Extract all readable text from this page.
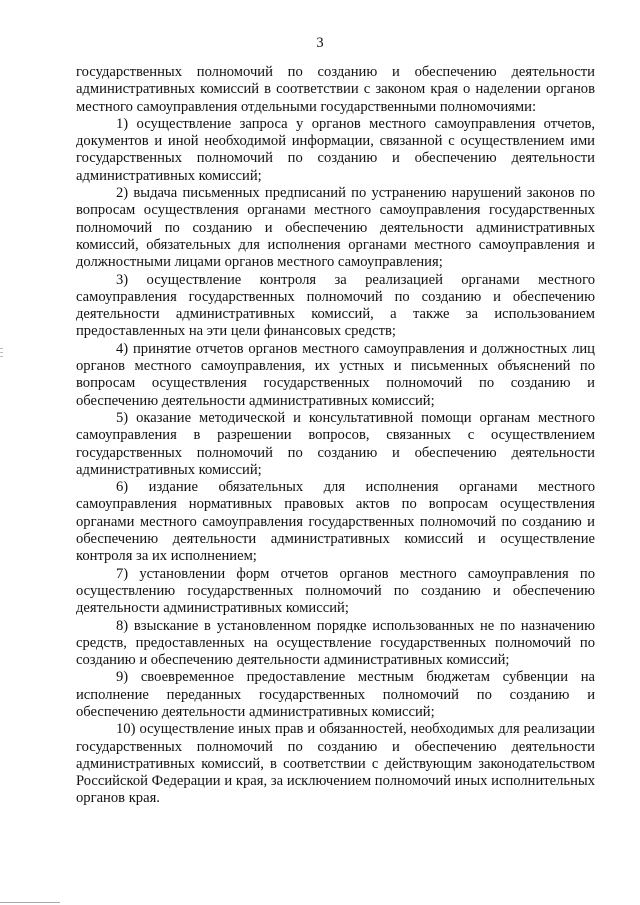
3

государственных полномочий по созданию и обеспечению деятельности административных комиссий в соответствии с законом края о наделении органов местного самоуправления отдельными государственными полномочиями:

1) осуществление запроса у органов местного самоуправления отчетов, документов и иной необходимой информации, связанной с осуществлением ими государственных полномочий по созданию и обеспечению деятельности административных комиссий;

2) выдача письменных предписаний по устранению нарушений законов по вопросам осуществления органами местного самоуправления государственных полномочий по созданию и обеспечению деятельности административных комиссий, обязательных для исполнения органами местного самоуправления и должностными лицами органов местного самоуправления;

3) осуществление контроля за реализацией органами местного самоуправления государственных полномочий по созданию и обеспечению деятельности административных комиссий, а также за использованием предоставленных на эти цели финансовых средств;

4) принятие отчетов органов местного самоуправления и должностных лиц органов местного самоуправления, их устных и письменных объяснений по вопросам осуществления государственных полномочий по созданию и обеспечению деятельности административных комиссий;

5) оказание методической и консультативной помощи органам местного самоуправления в разрешении вопросов, связанных с осуществлением государственных полномочий по созданию и обеспечению деятельности административных комиссий;

6) издание обязательных для исполнения органами местного самоуправления нормативных правовых актов по вопросам осуществления органами местного самоуправления государственных полномочий по созданию и обеспечению деятельности административных комиссий и осуществление контроля за их исполнением;

7) установлении форм отчетов органов местного самоуправления по осуществлению государственных полномочий по созданию и обеспечению деятельности административных комиссий;

8) взыскание в установленном порядке использованных не по назначению средств, предоставленных на осуществление государственных полномочий по созданию и обеспечению деятельности административных комиссий;

9) своевременное предоставление местным бюджетам субвенции на исполнение переданных государственных полномочий по созданию и обеспечению деятельности административных комиссий;

10) осуществление иных прав и обязанностей, необходимых для реализации государственных полномочий по созданию и обеспечению деятельности административных комиссий, в соответствии с действующим законодательством Российской Федерации и края, за исключением полномочий иных исполнительных органов края.
